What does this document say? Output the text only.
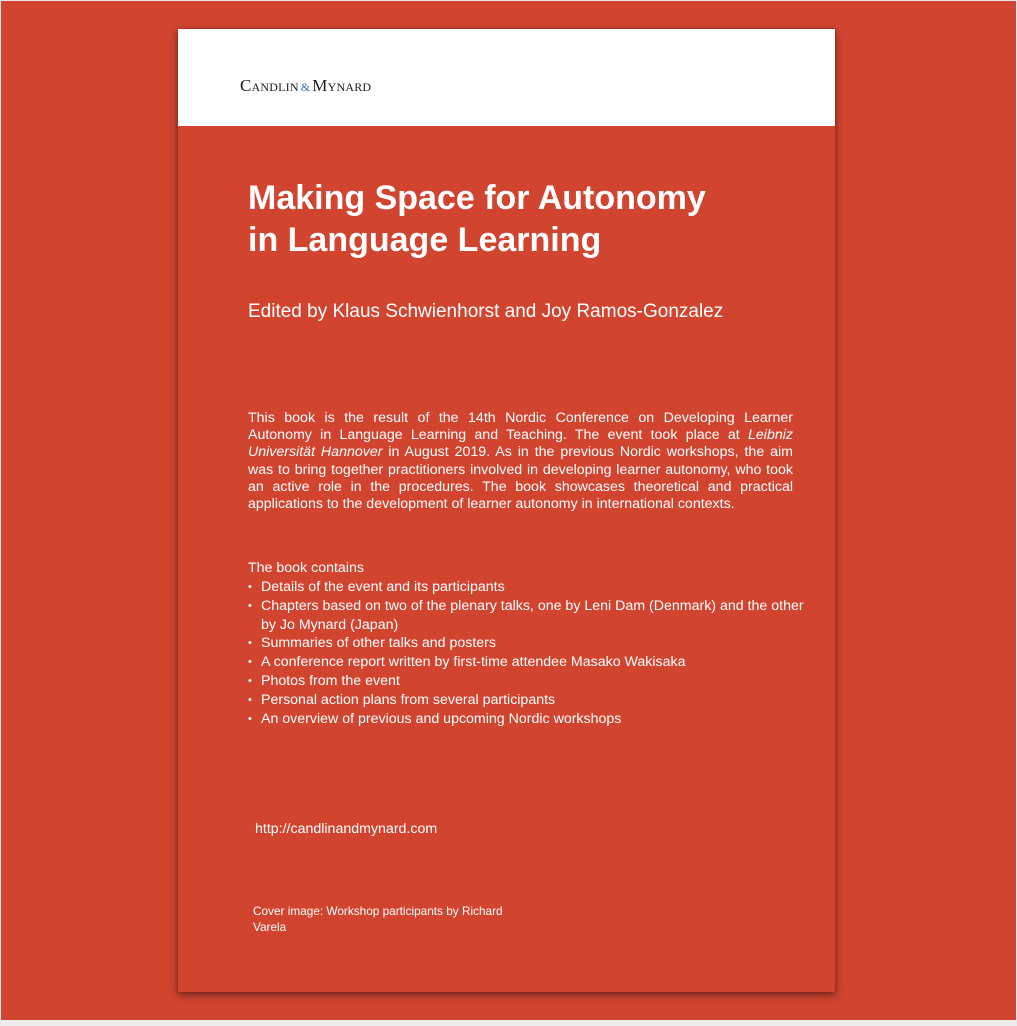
Candlin & Mynard
Making Space for Autonomy
in Language Learning
Edited by Klaus Schwienhorst and Joy Ramos-Gonzalez

This book is the result of the 14th Nordic Conference on Developing Learner Autonomy in Language Learning and Teaching. The event took place at Leibniz Universität Hannover in August 2019. As in the previous Nordic workshops, the aim was to bring together practitioners involved in developing learner autonomy, who took an active role in the procedures. The book showcases theoretical and practical applications to the development of learner autonomy in international contexts.

The book contains
• Details of the event and its participants
• Chapters based on two of the plenary talks, one by Leni Dam (Denmark) and the other by Jo Mynard (Japan)
• Summaries of other talks and posters
• A conference report written by first-time attendee Masako Wakisaka
• Photos from the event
• Personal action plans from several participants
• An overview of previous and upcoming Nordic workshops
http://candlinandmynard.com
Cover image: Workshop participants by Richard Varela
